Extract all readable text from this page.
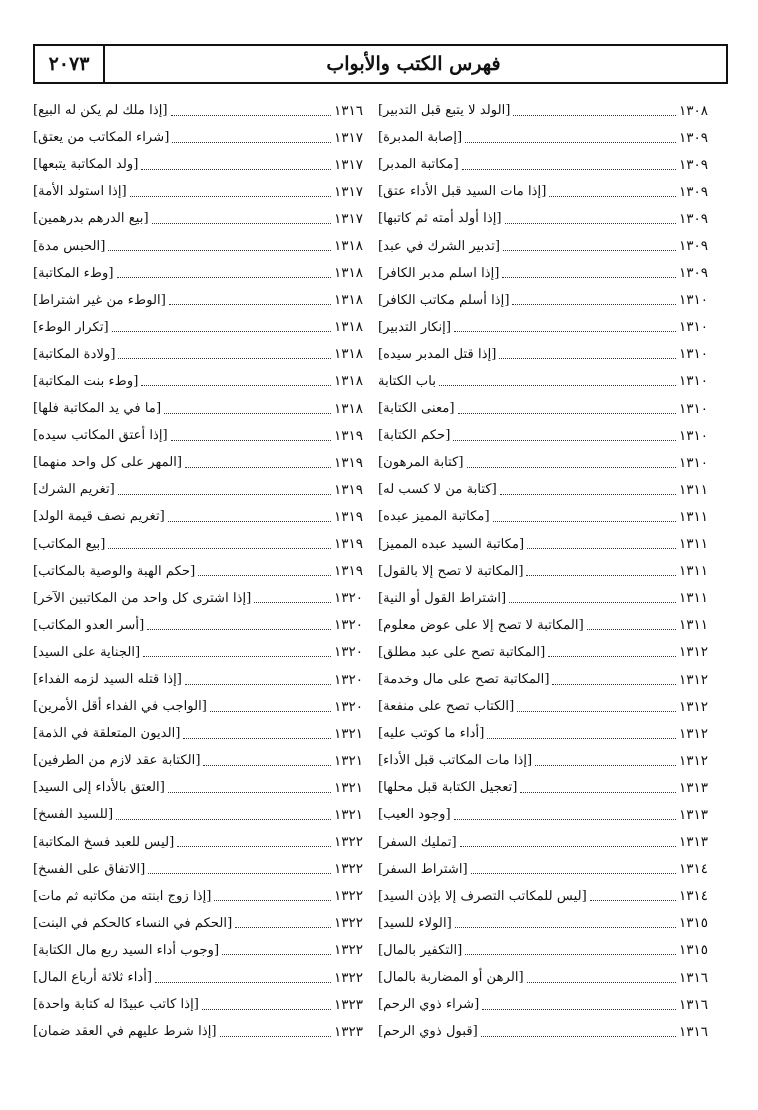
٢٠٧٣	فهرس الكتب والأبواب
[الولد لا يتبع قبل التدبير]	١٣٠٨
[إصابة المدبرة]	١٣٠٩
[مكاتبة المدبر]	١٣٠٩
[إذا مات السيد قبل الأداء عتق]	١٣٠٩
[إذا أولد أمته ثم كاتبها]	١٣٠٩
[تدبير الشرك في عبد]	١٣٠٩
[إذا اسلم مدبر الكافر]	١٣٠٩
[إذا أسلم مكاتب الكافر]	١٣١٠
[إنكار التدبير]	١٣١٠
[إذا قتل المدبر سيده]	١٣١٠
باب الكتابة	١٣١٠
[معنى الكتابة]	١٣١٠
[حكم الكتابة]	١٣١٠
[كتابة المرهون]	١٣١٠
[كتابة من لا كسب له]	١٣١١
[مكاتبة المميز عبده]	١٣١١
[مكاتبة السيد عبده المميز]	١٣١١
[المكاتبة لا تصح إلا بالقول]	١٣١١
[اشتراط القول أو النية]	١٣١١
[المكاتبة لا تصح إلا على عوض معلوم]	١٣١١
[المكاتبة تصح على عبد مطلق]	١٣١٢
[المكاتبة تصح على مال وخدمة]	١٣١٢
[الكتاب تصح على منفعة]	١٣١٢
[أداء ما كوتب عليه]	١٣١٢
[إذا مات المكاتب قبل الأداء]	١٣١٢
[تعجيل الكتابة قبل محلها]	١٣١٣
[وجود العيب]	١٣١٣
[تمليك السفر]	١٣١٣
[اشتراط السفر]	١٣١٤
[ليس للمكاتب التصرف إلا بإذن السيد]	١٣١٤
[الولاء للسيد]	١٣١٥
[التكفير بالمال]	١٣١٥
[الرهن أو المضاربة بالمال]	١٣١٦
[شراء ذوي الرحم]	١٣١٦
[قبول ذوي الرحم]	١٣١٦
[إذا ملك لم يكن له البيع]	١٣١٦
[شراء المكاتب من يعتق]	١٣١٧
[ولد المكاتبة يتبعها]	١٣١٧
[إذا استولد الأمة]	١٣١٧
[بيع الدرهم بدرهمين]	١٣١٧
[الحبس مدة]	١٣١٨
[وطء المكاتبة]	١٣١٨
[الوطء من غير اشتراط]	١٣١٨
[تكرار الوطء]	١٣١٨
[ولادة المكاتبة]	١٣١٨
[وطء بنت المكاتبة]	١٣١٨
[ما في يد المكاتبة فلها]	١٣١٨
[إذا أعتق المكاتب سيده]	١٣١٩
[المهر على كل واحد منهما]	١٣١٩
[تغريم الشرك]	١٣١٩
[تغريم نصف قيمة الولد]	١٣١٩
[بيع المكاتب]	١٣١٩
[حكم الهبة والوصية بالمكاتب]	١٣١٩
[إذا اشترى كل واحد من المكاتبين الآخر]	١٣٢٠
[أسر العدو المكاتب]	١٣٢٠
[الجناية على السيد]	١٣٢٠
[إذا قتله السيد لزمه الفداء]	١٣٢٠
[الواجب في الفداء أقل الأمرين]	١٣٢٠
[الديون المتعلقة في الذمة]	١٣٢١
[الكتابة عقد لازم من الطرفين]	١٣٢١
[العتق بالأداء إلى السيد]	١٣٢١
[للسيد الفسخ]	١٣٢١
[ليس للعبد فسخ المكاتبة]	١٣٢٢
[الاتفاق على الفسخ]	١٣٢٢
[إذا زوج ابنته من مكاتبه ثم مات]	١٣٢٢
[الحكم في النساء كالحكم في البنت]	١٣٢٢
[وجوب أداء السيد ربع مال الكتابة]	١٣٢٢
[أداء ثلاثة أرباع المال]	١٣٢٢
[إذا كاتب عبيدًا له كتابة واحدة]	١٣٢٣
[إذا شرط عليهم في العقد ضمان]	١٣٢٣
